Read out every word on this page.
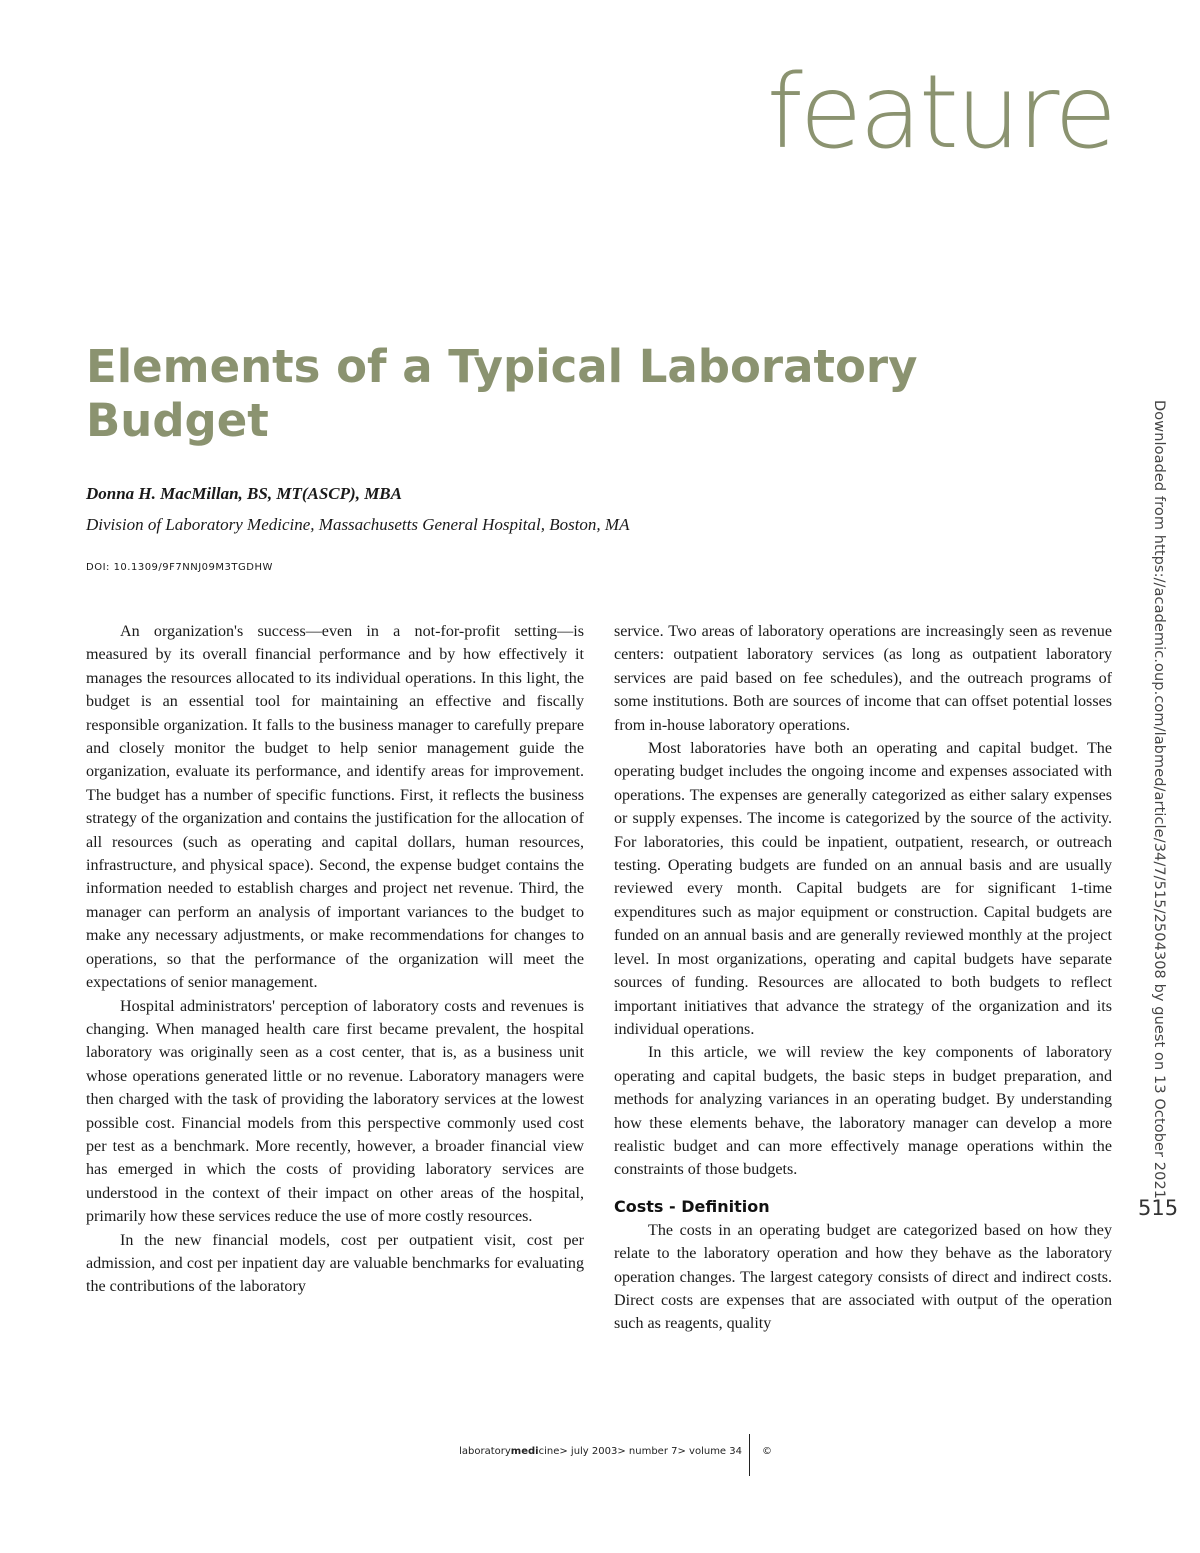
feature
Elements of a Typical Laboratory Budget

Donna H. MacMillan, BS, MT(ASCP), MBA

Division of Laboratory Medicine, Massachusetts General Hospital, Boston, MA

DOI: 10.1309/9F7NNJ09M3TGDHW

An organization's success—even in a not-for-profit setting—is measured by its overall financial performance and by how effectively it manages the resources allocated to its individual operations. In this light, the budget is an essential tool for maintaining an effective and fiscally responsible organization. It falls to the business manager to carefully prepare and closely monitor the budget to help senior management guide the organization, evaluate its performance, and identify areas for improvement. The budget has a number of specific functions. First, it reflects the business strategy of the organization and contains the justification for the allocation of all resources (such as operating and capital dollars, human resources, infrastructure, and physical space). Second, the expense budget contains the information needed to establish charges and project net revenue. Third, the manager can perform an analysis of important variances to the budget to make any necessary adjustments, or make recommendations for changes to operations, so that the performance of the organization will meet the expectations of senior management.

Hospital administrators' perception of laboratory costs and revenues is changing. When managed health care first became prevalent, the hospital laboratory was originally seen as a cost center, that is, as a business unit whose operations generated little or no revenue. Laboratory managers were then charged with the task of providing the laboratory services at the lowest possible cost. Financial models from this perspective commonly used cost per test as a benchmark. More recently, however, a broader financial view has emerged in which the costs of providing laboratory services are understood in the context of their impact on other areas of the hospital, primarily how these services reduce the use of more costly resources.

In the new financial models, cost per outpatient visit, cost per admission, and cost per inpatient day are valuable benchmarks for evaluating the contributions of the laboratory

service. Two areas of laboratory operations are increasingly seen as revenue centers: outpatient laboratory services (as long as outpatient laboratory services are paid based on fee schedules), and the outreach programs of some institutions. Both are sources of income that can offset potential losses from in-house laboratory operations.

Most laboratories have both an operating and capital budget. The operating budget includes the ongoing income and expenses associated with operations. The expenses are generally categorized as either salary expenses or supply expenses. The income is categorized by the source of the activity. For laboratories, this could be inpatient, outpatient, research, or outreach testing. Operating budgets are funded on an annual basis and are usually reviewed every month. Capital budgets are for significant 1-time expenditures such as major equipment or construction. Capital budgets are funded on an annual basis and are generally reviewed monthly at the project level. In most organizations, operating and capital budgets have separate sources of funding. Resources are allocated to both budgets to reflect important initiatives that advance the strategy of the organization and its individual operations.

In this article, we will review the key components of laboratory operating and capital budgets, the basic steps in budget preparation, and methods for analyzing variances in an operating budget. By understanding how these elements behave, the laboratory manager can develop a more realistic budget and can more effectively manage operations within the constraints of those budgets.

Costs - Definition

The costs in an operating budget are categorized based on how they relate to the laboratory operation and how they behave as the laboratory operation changes. The largest category consists of direct and indirect costs. Direct costs are expenses that are associated with output of the operation such as reagents, quality

Downloaded from https://academic.oup.com/labmed/article/34/7/515/2504308 by guest on 13 October 2021
515
laboratorymedicine> july 2003> number 7> volume 34 ©
